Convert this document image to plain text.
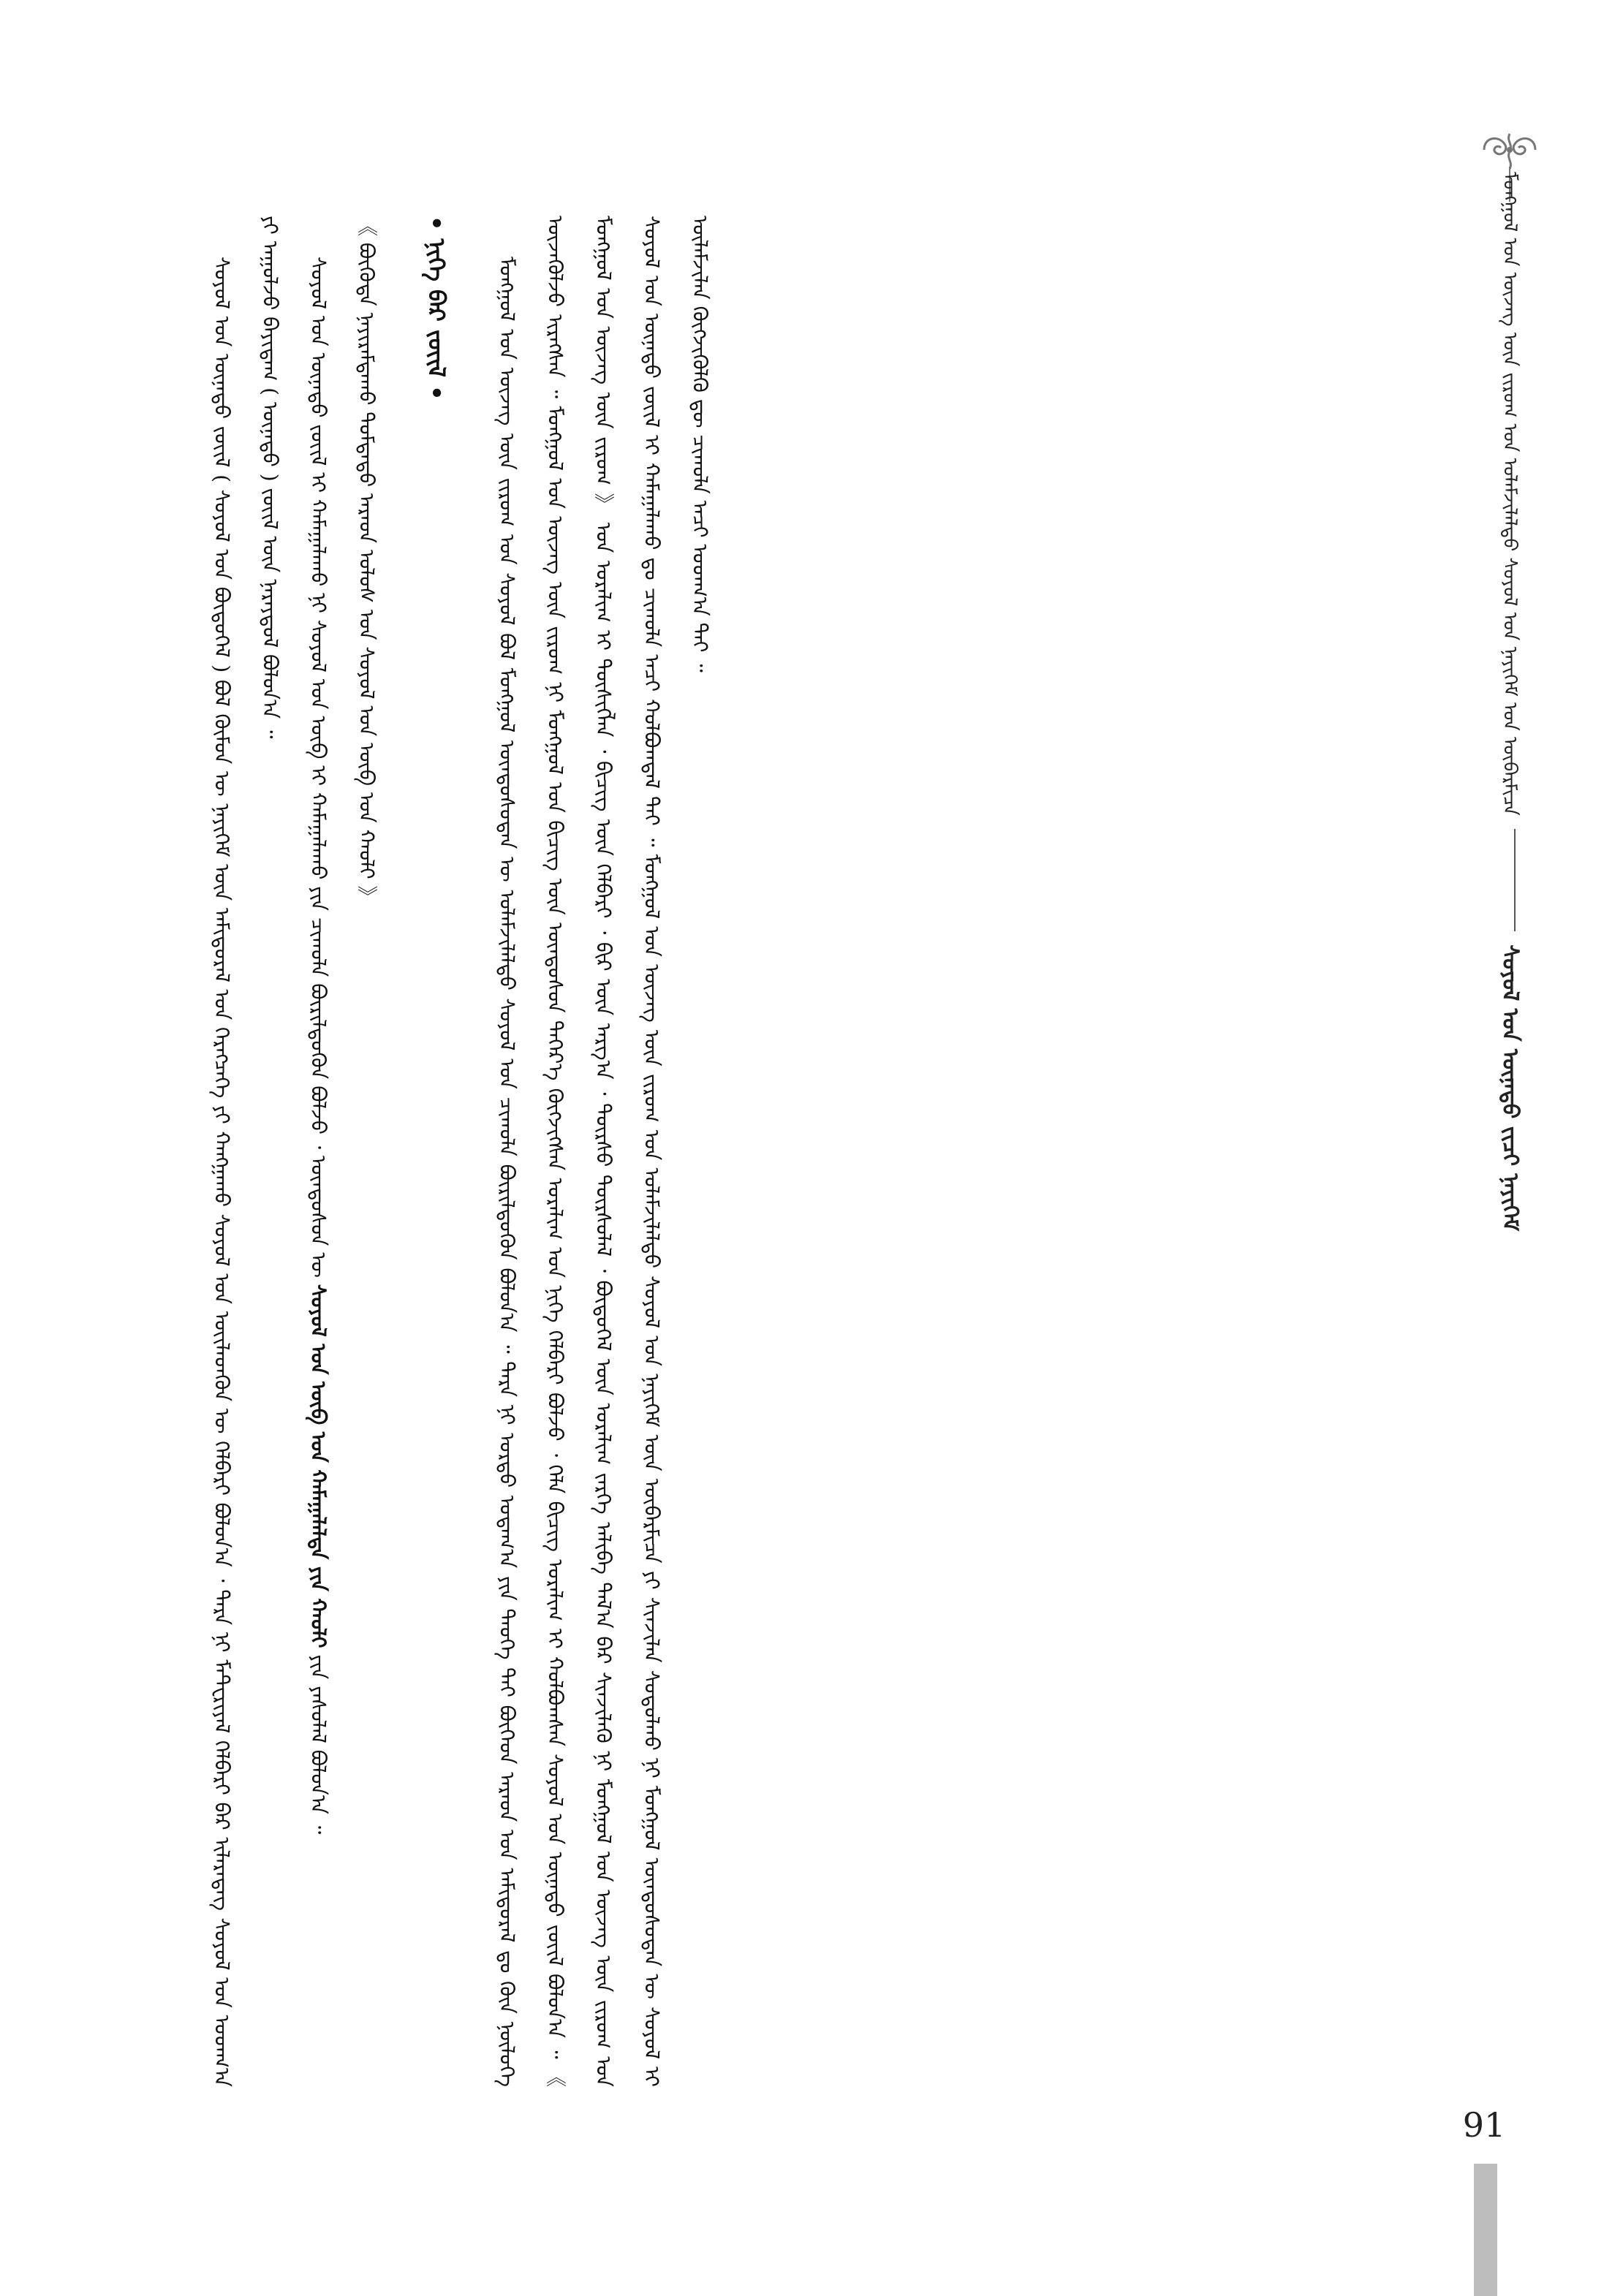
ᠮᠣᠩᠭᠣᠯ ᠤᠨ ᠦᠵᠡᠭ ᠦᠨ ᠵᠢᠷᠤᠭ ᠤᠨ ᠤᠯᠠᠮᠵᠢᠯᠠᠯᠲᠤ ᠰᠤᠶᠤᠯ ᠤᠨ ᠨᠡᠶᠢᠭᠡᠮ ᠤᠨ ᠥᠪᠡᠷᠮᠢᠴᠡ  ᠰᠤᠶᠤᠯ ᠤᠨ ᠦᠨᠡᠲᠦ ᠵᠢᠴᠢ ᠨᠡᠶᠢᠭᠡᠮ

ᠰᠤᠶᠤᠯ ᠤᠨ ᠦᠨᠡᠲᠦ ᠵᠦᠢᠯ ( ᠰᠤᠶᠤᠯ ᠤᠨ ᠪᠦᠲᠦᠭᠡᠯ ) ᠪᠣᠯ ᠬᠦᠮᠦᠨ ᠦ ᠨᠡᠶᠢᠭᠡᠮ ᠦᠨ ᠠᠮᠢᠳᠤᠷᠠᠯ ᠤᠨ ᠬᠡᠷᠡᠭᠴᠡᠭᠡ ᠶᠢ ᠬᠠᠩᠭᠠᠬᠤ ᠰᠤᠶᠤᠯ ᠤᠨ ᠦᠢᠯᠡᠳᠬᠦᠨ ᠦ ᠬᠡᠯᠪᠡᠷᠢ ᠪᠣᠯᠤᠨ᠎ᠠ ᠂ ᠲᠡᠷᠡ ᠨᠢ ᠮᠠᠲ᠋ᠧᠷᠢᠶᠠᠯ ᠬᠡᠯᠪᠡᠷᠢ ᠪᠡᠷ ᠢᠯᠡᠷᠡᠳᠡᠭ ᠰᠤᠶᠤᠯ ᠤᠨ ᠤᠳᠬ᠎ᠠ ᠶᠢ ᠠᠭᠤᠯᠵᠤ ᠪᠠᠶᠢᠳᠠᠭ ( ᠦᠨᠡᠲᠦ ) ᠵᠦᠢᠯ ᠦᠨ ᠨᠡᠷᠡᠶᠳᠦᠯ ᠪᠣᠯᠤᠨ᠎ᠠ ᠃	ᠰᠤᠶᠤᠯ ᠤᠨ ᠦᠨᠡᠲᠦ ᠵᠦᠢᠯ ᠢ ᠬᠠᠮᠠᠭᠠᠯᠠᠬᠤ ᠨᠢ ᠰᠤᠶᠤᠯ ᠤᠨ ᠦᠪ ᠢ ᠬᠠᠮᠠᠭᠠᠯᠠᠬᠤ ᠶᠢᠨ ᠴᠢᠬᠤᠯᠠ ᠪᠦᠷᠢᠯᠳᠦᠬᠦᠨ ᠪᠣᠯᠵᠤ ᠂ ᠦᠨᠳᠦᠰᠦᠨ ᠦ ᠰᠤᠶᠤᠯ ᠤᠨ ᠦᠪ ᠤᠨ ᠬᠠᠮᠠᠭᠠᠯᠠᠯᠲᠠ ᠶᠢᠨ ᠬᠠᠤᠯᠢ ᠶᠢᠨ ᠶᠠᠰᠤᠯᠠᠯ ᠪᠣᠯᠤᠨ᠎ᠠ ᠃

《 ᠪᠦᠭᠦᠳᠡ ᠨᠠᠶᠢᠷᠠᠮᠳᠠᠬᠤ ᠳᠤᠮᠳᠠᠳᠤ ᠠᠷᠠᠳ ᠤᠯᠤᠰ ᠤᠨ ᠰᠤᠶᠤᠯ ᠤᠨ ᠦᠪ ᠤᠨ ᠬᠠᠤᠯᠢ 》	• ᠨᠢᠭᠡ ᠪᠡᠷ ᠵᠦᠢᠯ •	ᠮᠣᠩᠭᠣᠯ ᠤᠨ ᠦᠵᠡᠭ ᠦᠨ ᠵᠢᠷᠤᠭ ᠤᠨ ᠰᠤᠶᠤᠯ ᠪᠣᠯ ᠮᠣᠩᠭᠣᠯ ᠦᠨᠳᠦᠰᠦᠲᠡᠨ ᠦ ᠤᠯᠠᠮᠵᠢᠯᠠᠯᠲᠤ ᠰᠤᠶᠤᠯ ᠤᠨ ᠴᠢᠬᠤᠯᠠ ᠪᠦᠷᠢᠯᠳᠦᠬᠦᠨ ᠪᠣᠯᠤᠨ᠎ᠠ ᠃ ᠲᠡᠷᠡ ᠨᠢ ᠤᠷᠲᠤ ᠤᠳᠠᠭ᠎ᠠ ᠶᠢᠨ ᠲᠡᠦᠬᠡ ᠲᠠᠢ ᠪᠥᠭᠡᠳ ᠠᠷᠠᠳ ᠤᠨ ᠠᠮᠢᠳᠤᠷᠠᠯ ᠳᠤ ᠭᠦᠨ ᠨᠥᠯᠦᠭᠡ ᠦᠵᠡᠭᠦᠯᠵᠦ ᠢᠷᠡᠭᠰᠡᠨ ᠃ ᠮᠣᠩᠭᠣᠯ ᠤᠨ ᠦᠵᠡᠭ ᠦᠨ ᠵᠢᠷᠤᠭ ᠨᠢ ᠮᠣᠩᠭᠣᠯ ᠤᠨ ᠪᠢᠴᠢᠭ ᠦᠨ ᠦᠨᠳᠦᠰᠦᠨ ᠳᠡᠭᠡᠷ᠎ᠡ ᠬᠥᠭᠵᠢᠭᠰᠡᠨ ᠤᠷᠠᠯᠢᠭ ᠤᠨ ᠨᠢᠭᠡ ᠬᠡᠯᠪᠡᠷᠢ ᠪᠣᠯᠵᠤ ᠂ ᠬᠡᠯᠡ ᠪᠢᠴᠢᠭ ᠤᠷᠠᠯᠢᠭ ᠢ ᠬᠣᠯᠪᠣᠭᠰᠠᠨ ᠰᠤᠶᠤᠯ ᠤᠨ ᠦᠨᠡᠲᠦ ᠵᠦᠢᠯ ᠪᠣᠯᠤᠨ᠎ᠠ ᠃ 《 ᠮᠣᠩᠭᠣᠯ ᠤᠨ ᠦᠵᠡᠭ ᠦᠨ ᠵᠢᠷᠤᠭ 》 ᠤᠨ ᠤᠷᠠᠯᠢᠭ ᠢ ᠲᠦᠰᠢᠭᠯᠡᠨ ᠂ ᠪᠢᠴᠢᠭ ᠦᠨ ᠬᠡᠯᠪᠡᠷᠢ ᠂ ᠪᠢᠷ ᠦᠨ ᠠᠷᠭ᠎ᠠ ᠂ ᠳᠦᠷᠰᠦ ᠳᠦᠷᠰᠦᠯᠡᠯ ᠂ ᠪᠦᠲᠦᠭᠡᠯ ᠦᠨ ᠤᠷᠠᠯᠢᠭ ᠵᠡᠷᠭᠡ ᠠᠯᠢᠪᠠ ᠲᠠᠯ᠎ᠠ ᠪᠡᠷ ᠰᠢᠨᠵᠢᠯᠡᠬᠦ ᠨᠢ ᠮᠣᠩᠭᠣᠯ ᠤᠨ ᠦᠵᠡᠭ ᠦᠨ ᠵᠢᠷᠤᠭ ᠤᠨ ᠰᠤᠶᠤᠯ ᠤᠨ ᠦᠨᠡᠲᠦ ᠵᠦᠢᠯ ᠢ ᠬᠠᠮᠠᠭᠠᠯᠠᠬᠤ ᠳᠤ ᠴᠢᠬᠤᠯᠠ ᠠᠴᠢ ᠬᠣᠯᠪᠣᠭᠳᠠᠯ ᠲᠠᠢ ᠃ ᠮᠣᠩᠭᠣᠯ ᠤᠨ ᠦᠵᠡᠭ ᠦᠨ ᠵᠢᠷᠤᠭ ᠤᠨ ᠤᠯᠠᠮᠵᠢᠯᠠᠯᠲᠤ ᠰᠤᠶᠤᠯ ᠤᠨ ᠨᠡᠶᠢᠭᠡᠮ ᠦᠨ ᠥᠪᠡᠷᠮᠢᠴᠡ ᠶᠢ ᠰᠢᠨᠵᠢᠯᠡᠨ ᠰᠣᠳᠤᠯᠬᠤ ᠨᠢ ᠮᠣᠩᠭᠣᠯ ᠦᠨᠳᠦᠰᠦᠲᠡᠨ ᠦ ᠰᠤᠶᠤᠯ ᠢ ᠦᠯᠡᠮᠵᠢᠯᠡᠨ ᠬᠥᠭᠵᠢᠭᠦᠯᠬᠦ ᠳᠦ ᠴᠢᠬᠤᠯᠠ ᠠᠴᠢ ᠤᠳᠬ᠎ᠠ ᠲᠠᠢ ᠃

91
